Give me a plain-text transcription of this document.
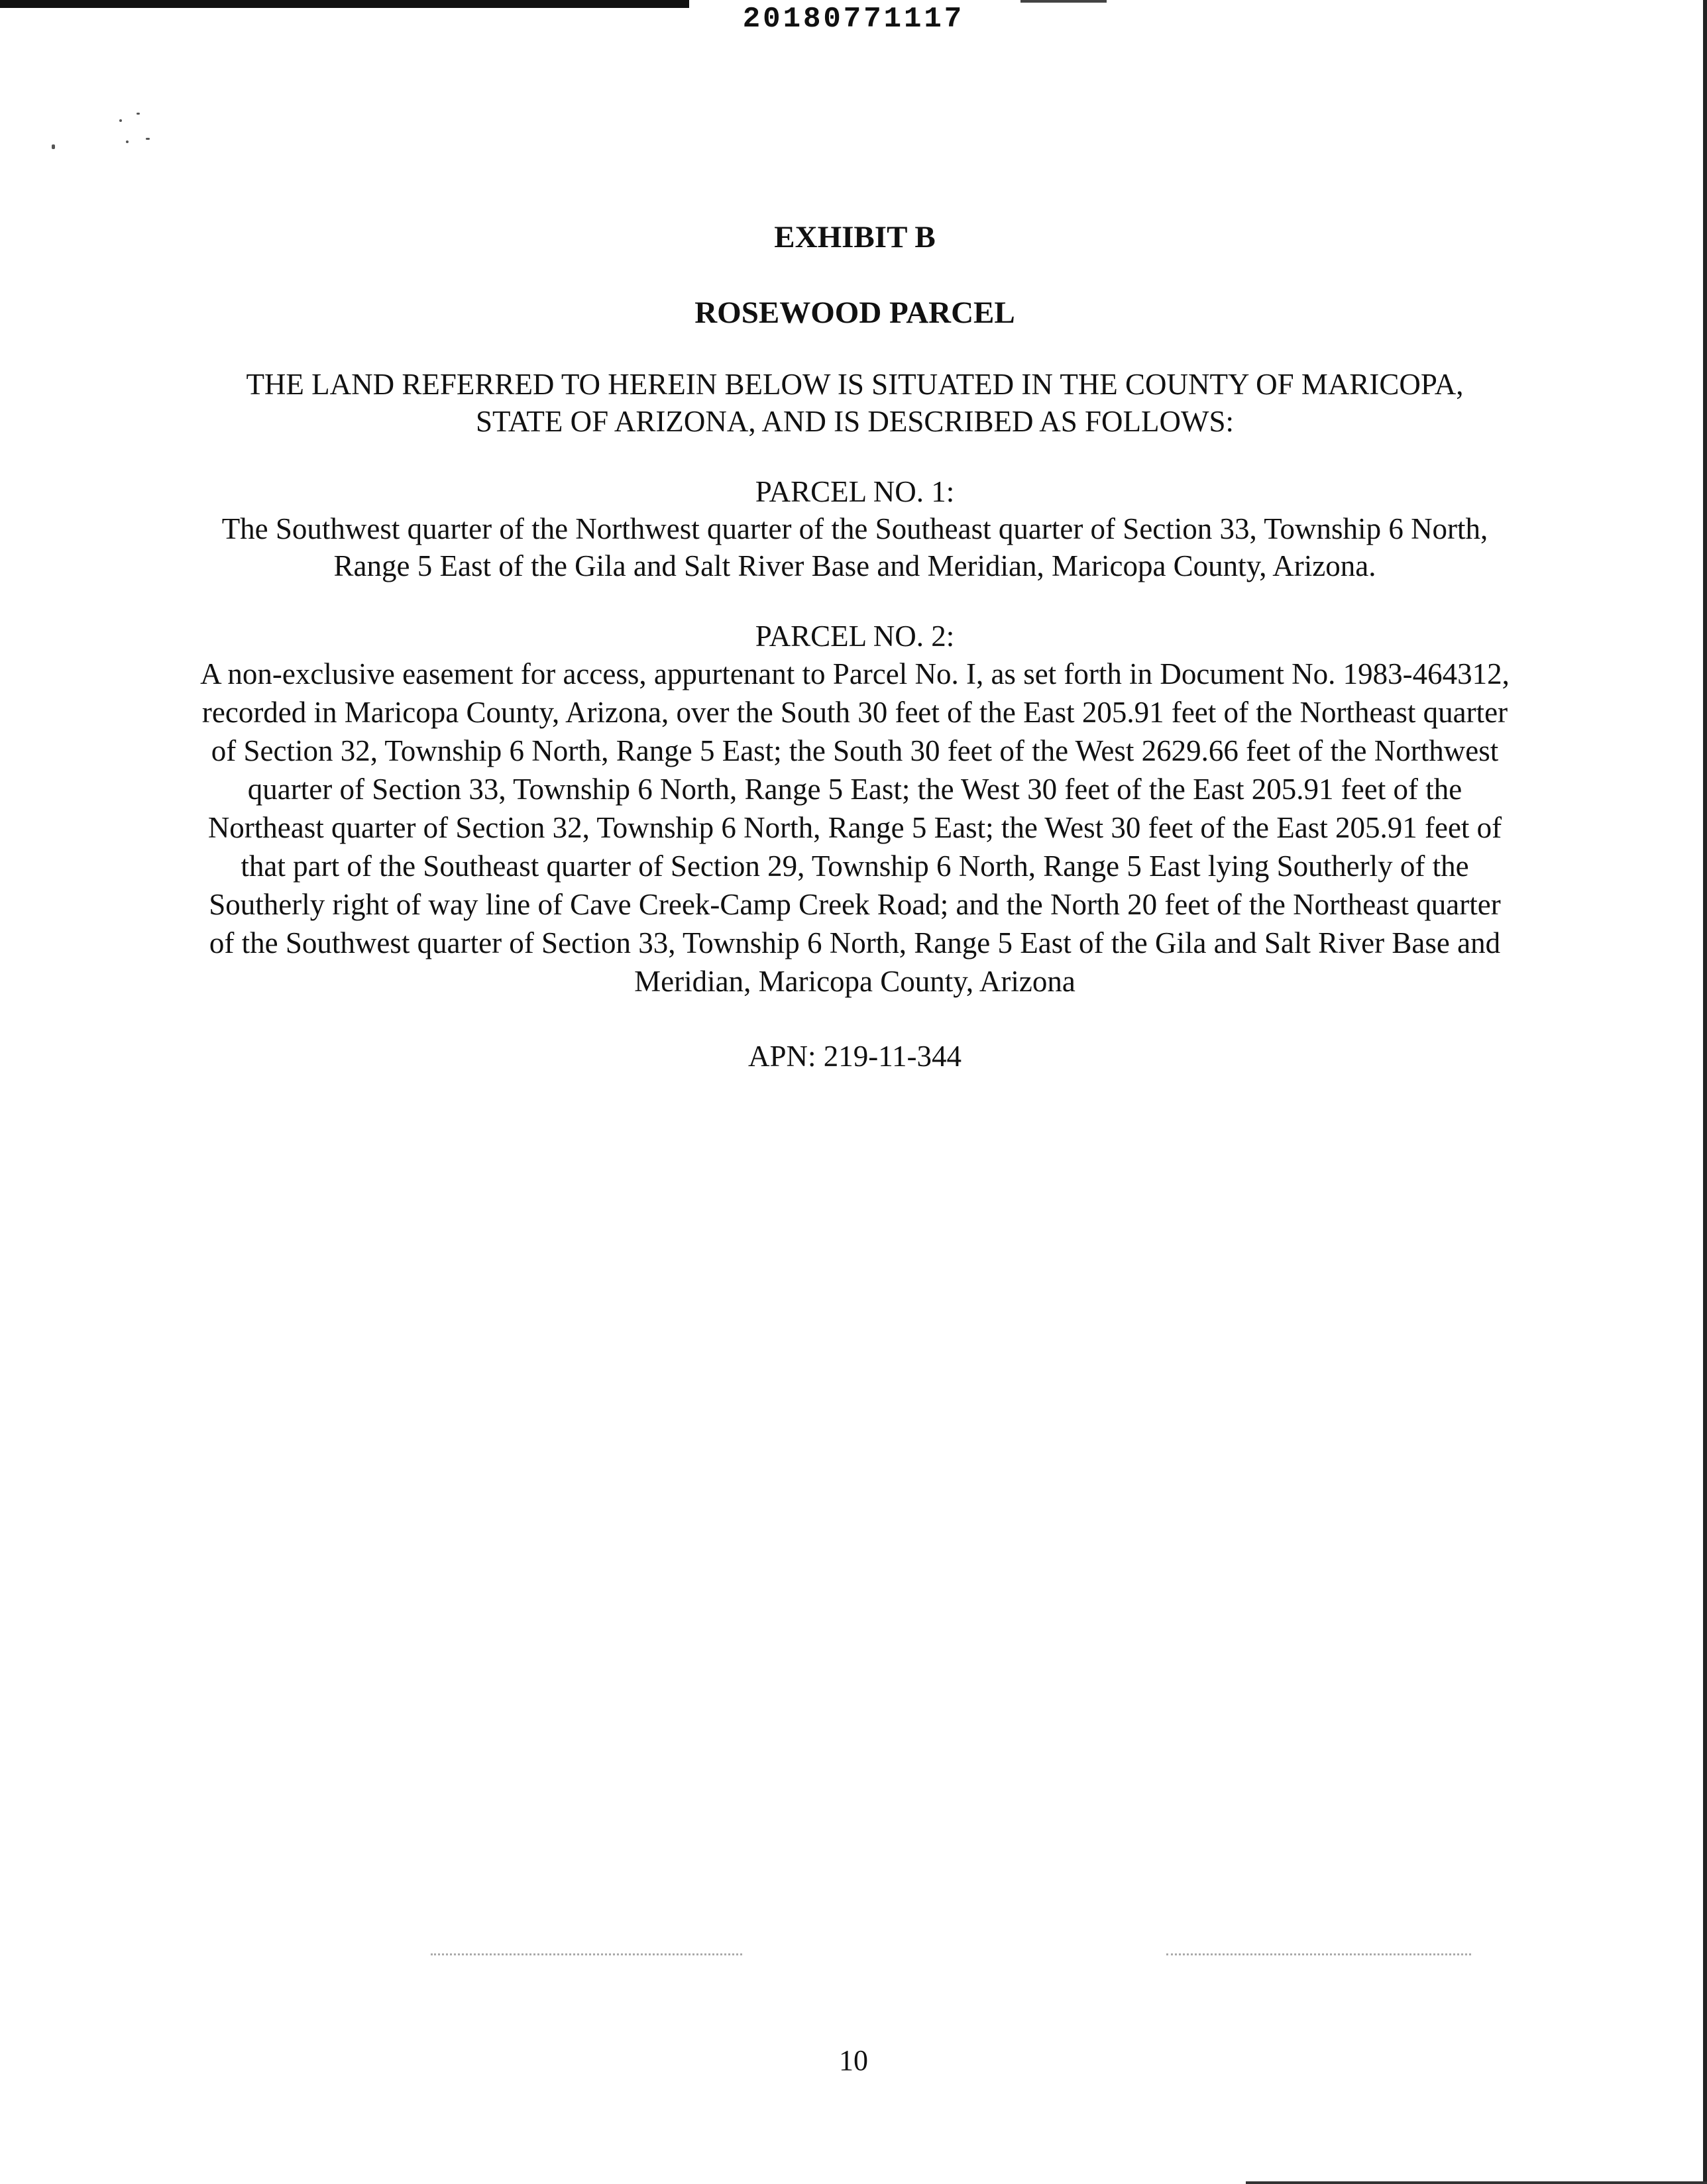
20180771117

EXHIBIT B

ROSEWOOD PARCEL

THE LAND REFERRED TO HEREIN BELOW IS SITUATED IN THE COUNTY OF MARICOPA, STATE OF ARIZONA, AND IS DESCRIBED AS FOLLOWS:

PARCEL NO. 1:

The Southwest quarter of the Northwest quarter of the Southeast quarter of Section 33, Township 6 North, Range 5 East of the Gila and Salt River Base and Meridian, Maricopa County, Arizona.

PARCEL NO. 2:

A non-exclusive easement for access, appurtenant to Parcel No. I, as set forth in Document No. 1983-464312, recorded in Maricopa County, Arizona, over the South 30 feet of the East 205.91 feet of the Northeast quarter of Section 32, Township 6 North, Range 5 East; the South 30 feet of the West 2629.66 feet of the Northwest quarter of Section 33, Township 6 North, Range 5 East; the West 30 feet of the East 205.91 feet of the Northeast quarter of Section 32, Township 6 North, Range 5 East; the West 30 feet of the East 205.91 feet of that part of the Southeast quarter of Section 29, Township 6 North, Range 5 East lying Southerly of the Southerly right of way line of Cave Creek-Camp Creek Road; and the North 20 feet of the Northeast quarter of the Southwest quarter of Section 33, Township 6 North, Range 5 East of the Gila and Salt River Base and Meridian, Maricopa County, Arizona

APN: 219-11-344

10
